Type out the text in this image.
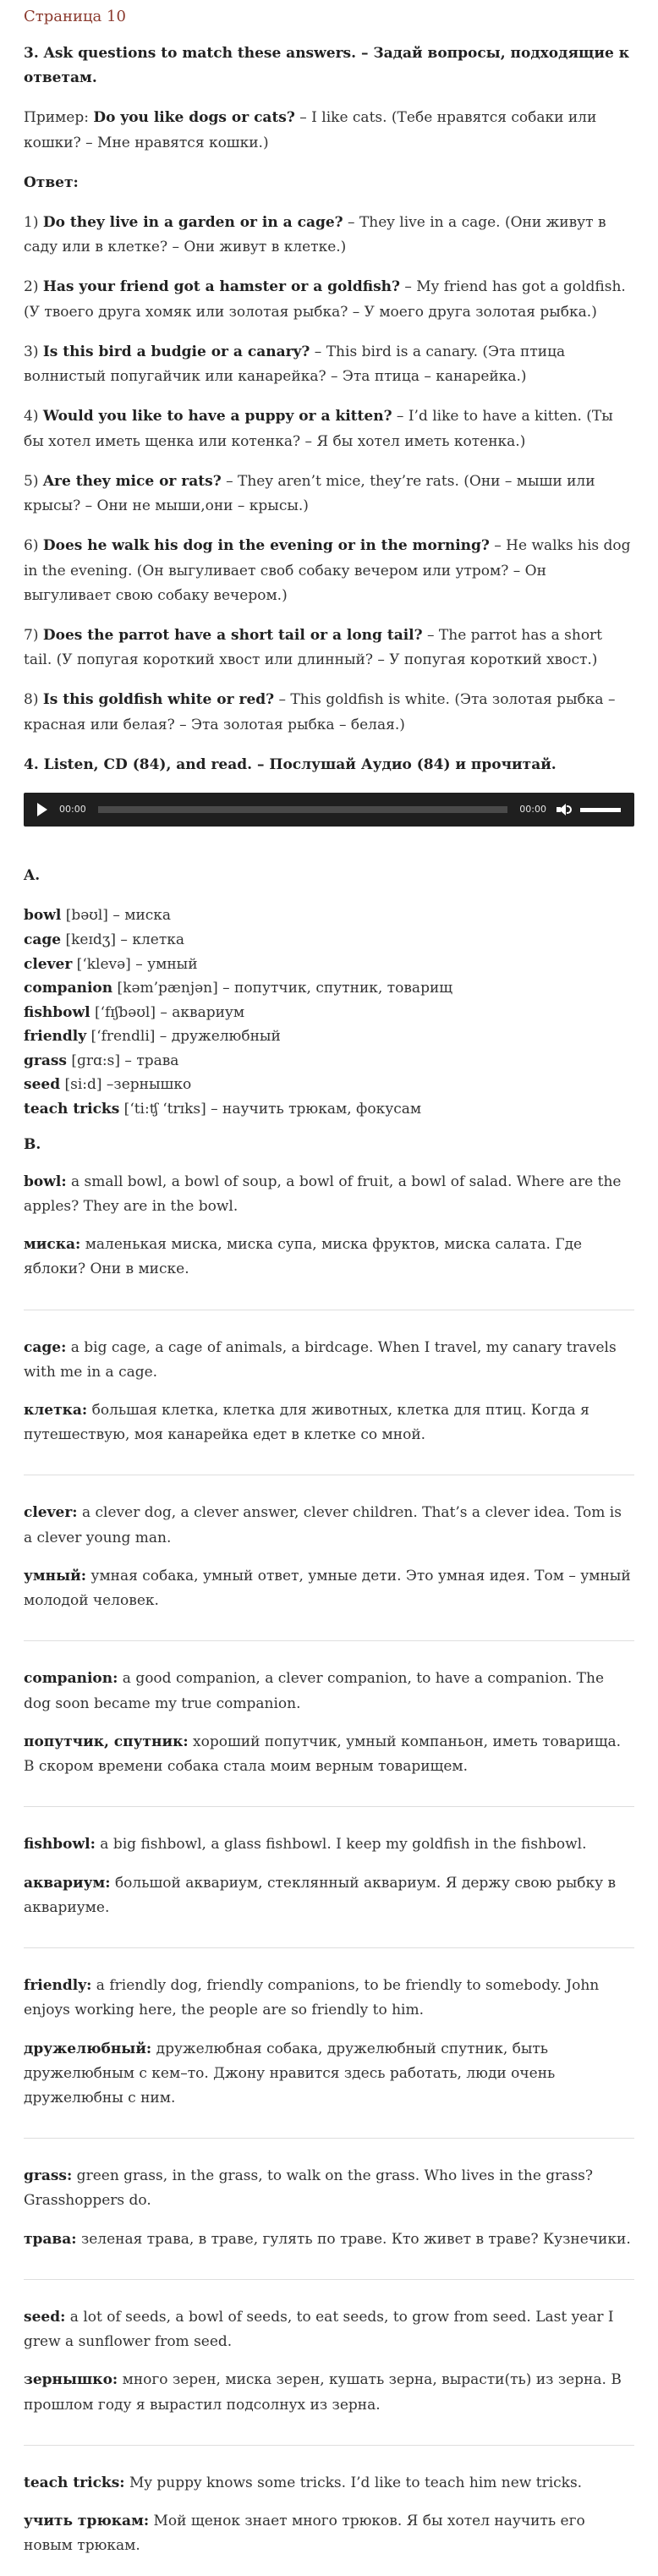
Страница 10

3. Ask questions to match these answers. – Задай вопросы, подходящие к ответам.

Пример: Do you like dogs or cats? – I like cats. (Тебе нравятся собаки или кошки? – Мне нравятся кошки.)

Ответ:

1) Do they live in a garden or in a cage? – They live in a cage. (Они живут в саду или в клетке? – Они живут в клетке.)

2) Has your friend got a hamster or a goldfish? – My friend has got a goldfish. (У твоего друга хомяк или золотая рыбка? – У моего друга золотая рыбка.)

3) Is this bird a budgie or a canary? – This bird is a canary. (Эта птица волнистый попугайчик или канарейка? – Эта птица – канарейка.)

4) Would you like to have a puppy or a kitten? – I’d like to have a kitten. (Ты бы хотел иметь щенка или котенка? – Я бы хотел иметь котенка.)

5) Are they mice or rats? – They aren’t mice, they’re rats. (Они – мыши или крысы? – Они не мыши,они – крысы.)

6) Does he walk his dog in the evening or in the morning? – He walks his dog in the evening. (Он выгуливает своб собаку вечером или утром? – Он выгуливает свою собаку вечером.)

7) Does the parrot have a short tail or a long tail? – The parrot has a short tail. (У попугая короткий хвост или длинный? – У попугая короткий хвост.)

8) Is this goldfish white or red? – This goldfish is white. (Эта золотая рыбка – красная или белая? – Эта золотая рыбка – белая.)

4. Listen, CD (84), and read. – Послушай Аудио (84) и прочитай.

00:00	00:00

A.

bowl [bəʊl] – миска
cage [keɪdʒ] – клетка
clever [‘klevə] – умный
companion [kəm’pænjən] – попутчик, спутник, товарищ
fishbowl [‘fɪʃbəʊl] – аквариум
friendly [‘frendli] – дружелюбный
grass [ɡrɑ:s] – трава
seed [si:d] –зернышко
teach tricks [‘ti:ʧ ‘trɪks] – научить трюкам, фокусам

B.

bowl: a small bowl, a bowl of soup, a bowl of fruit, a bowl of salad. Where are the apples? They are in the bowl.

миска: маленькая миска, миска супа, миска фруктов, миска салата. Где яблоки? Они в миске.

cage: a big cage, a cage of animals, a birdcage. When I travel, my canary travels with me in a cage.

клетка: большая клетка, клетка для животных, клетка для птиц. Когда я путешествую, моя канарейка едет в клетке со мной.

clever: a clever dog, a clever answer, clever children. That’s a clever idea. Tom is a clever young man.

умный: умная собака, умный ответ, умные дети. Это умная идея. Том – умный молодой человек.

companion: a good companion, a clever companion, to have a companion. The dog soon became my true companion.

попутчик, спутник: хороший попутчик, умный компаньон, иметь товарища. В скором времени собака стала моим верным товарищем.

fishbowl: a big fishbowl, a glass fishbowl. I keep my goldfish in the fishbowl.

аквариум: большой аквариум, стеклянный аквариум. Я держу свою рыбку в аквариуме.

friendly: a friendly dog, friendly companions, to be friendly to somebody. John enjoys working here, the people are so friendly to him.

дружелюбный: дружелюбная собака, дружелюбный спутник, быть дружелюбным с кем–то. Джону нравится здесь работать, люди очень дружелюбны с ним.

grass: green grass, in the grass, to walk on the grass. Who lives in the grass? Grasshoppers do.

трава: зеленая трава, в траве, гулять по траве. Кто живет в траве? Кузнечики.

seed: a lot of seeds, a bowl of seeds, to eat seeds, to grow from seed. Last year I grew a sunflower from seed.

зернышко: много зерен, миска зерен, кушать зерна, вырасти(ть) из зерна. В прошлом году я вырастил подсолнух из зерна.

teach tricks: My puppy knows some tricks. I’d like to teach him new tricks.

учить трюкам: Мой щенок знает много трюков. Я бы хотел научить его новым трюкам.
